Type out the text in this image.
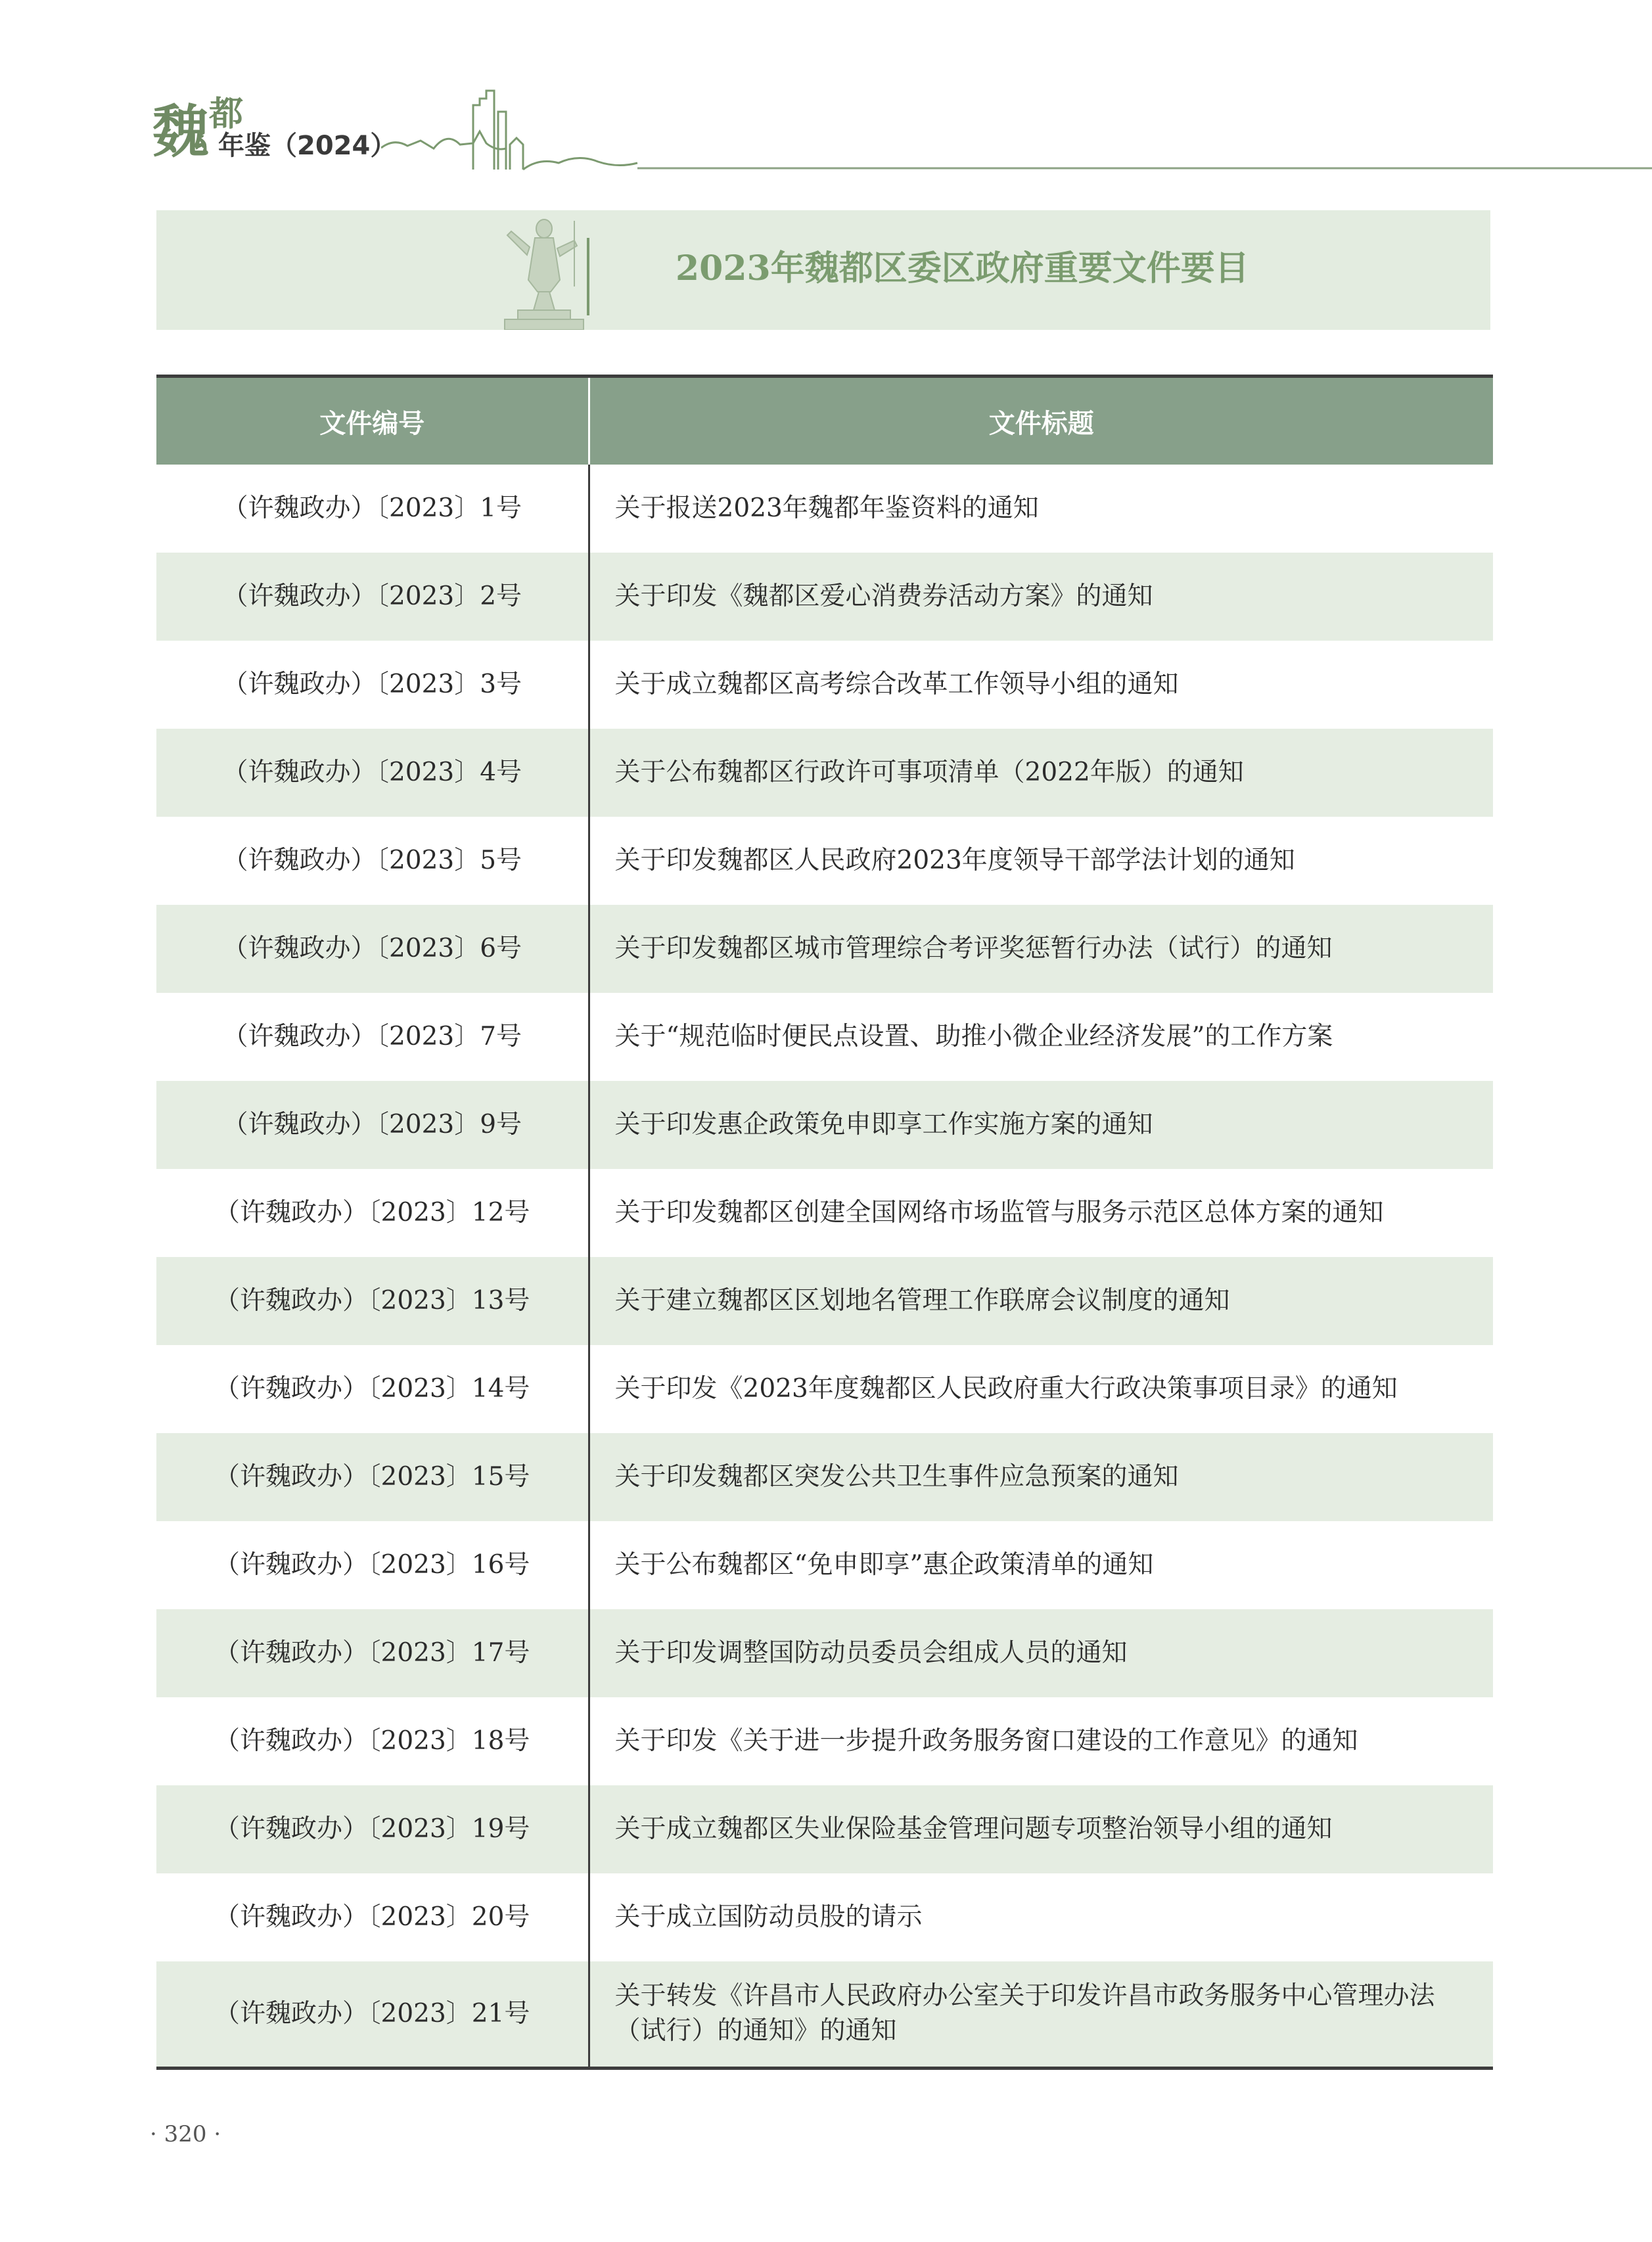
魏 都
年鉴（2024）
2023年魏都区委区政府重要文件要目
文件编号	文件标题
（许魏政办）〔2023〕1号	关于报送2023年魏都年鉴资料的通知
（许魏政办）〔2023〕2号	关于印发《魏都区爱心消费券活动方案》的通知
（许魏政办）〔2023〕3号	关于成立魏都区高考综合改革工作领导小组的通知
（许魏政办）〔2023〕4号	关于公布魏都区行政许可事项清单（2022年版）的通知
（许魏政办）〔2023〕5号	关于印发魏都区人民政府2023年度领导干部学法计划的通知
（许魏政办）〔2023〕6号	关于印发魏都区城市管理综合考评奖惩暂行办法（试行）的通知
（许魏政办）〔2023〕7号	关于“规范临时便民点设置、助推小微企业经济发展”的工作方案
（许魏政办）〔2023〕9号	关于印发惠企政策免申即享工作实施方案的通知
（许魏政办）〔2023〕12号	关于印发魏都区创建全国网络市场监管与服务示范区总体方案的通知
（许魏政办）〔2023〕13号	关于建立魏都区区划地名管理工作联席会议制度的通知
（许魏政办）〔2023〕14号	关于印发《2023年度魏都区人民政府重大行政决策事项目录》的通知
（许魏政办）〔2023〕15号	关于印发魏都区突发公共卫生事件应急预案的通知
（许魏政办）〔2023〕16号	关于公布魏都区“免申即享”惠企政策清单的通知
（许魏政办）〔2023〕17号	关于印发调整国防动员委员会组成人员的通知
（许魏政办）〔2023〕18号	关于印发《关于进一步提升政务服务窗口建设的工作意见》的通知
（许魏政办）〔2023〕19号	关于成立魏都区失业保险基金管理问题专项整治领导小组的通知
（许魏政办）〔2023〕20号	关于成立国防动员股的请示
（许魏政办）〔2023〕21号	关于转发《许昌市人民政府办公室关于印发许昌市政务服务中心管理办法（试行）的通知》的通知
· 320 ·
